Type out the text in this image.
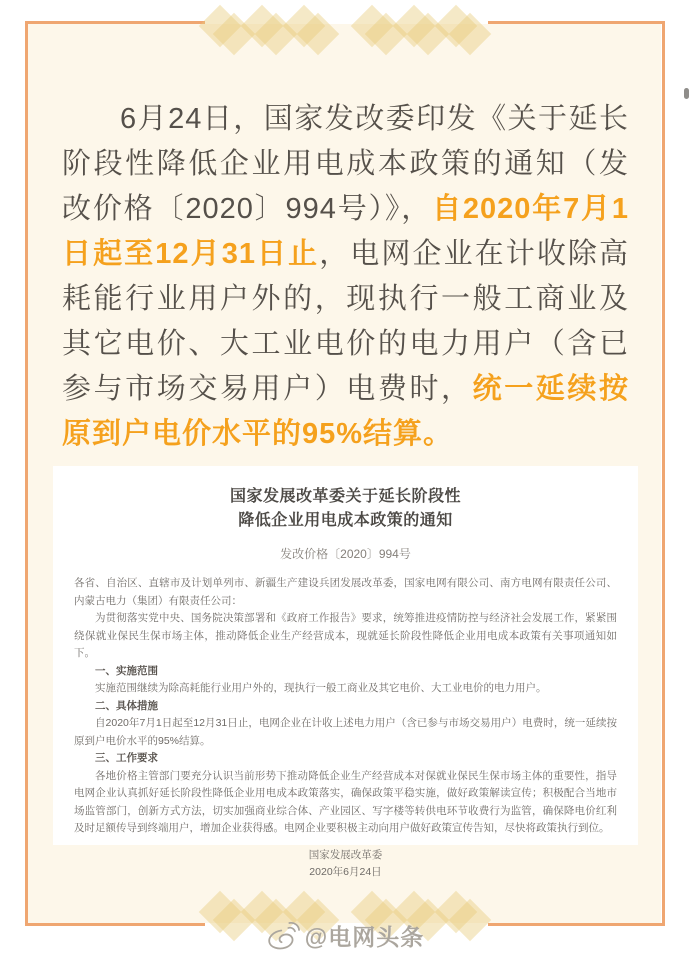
6月24日，国家发改委印发《关于延长阶段性降低企业用电成本政策的通知（发改价格〔2020〕994号）》，自2020年7月1日起至12月31日止，电网企业在计收除高耗能行业用户外的，现执行一般工商业及其它电价、大工业电价的电力用户（含已参与市场交易用户）电费时，统一延续按原到户电价水平的95%结算。

国家发展改革委关于延长阶段性
降低企业用电成本政策的通知
发改价格〔2020〕994号

各省、自治区、直辖市及计划单列市、新疆生产建设兵团发展改革委，国家电网有限公司、南方电网有限责任公司、内蒙古电力（集团）有限责任公司：

为贯彻落实党中央、国务院决策部署和《政府工作报告》要求，统筹推进疫情防控与经济社会发展工作，紧紧围绕保就业保民生保市场主体，推动降低企业生产经营成本，现就延长阶段性降低企业用电成本政策有关事项通知如下。

一、实施范围

实施范围继续为除高耗能行业用户外的，现执行一般工商业及其它电价、大工业电价的电力用户。

二、具体措施

自2020年7月1日起至12月31日止，电网企业在计收上述电力用户（含已参与市场交易用户）电费时，统一延续按原到户电价水平的95%结算。

三、工作要求

各地价格主管部门要充分认识当前形势下推动降低企业生产经营成本对保就业保民生保市场主体的重要性，指导电网企业认真抓好延长阶段性降低企业用电成本政策落实，确保政策平稳实施，做好政策解读宣传；积极配合当地市场监管部门，创新方式方法，切实加强商业综合体、产业园区、写字楼等转供电环节收费行为监管，确保降电价红利及时足额传导到终端用户，增加企业获得感。电网企业要积极主动向用户做好政策宣传告知，尽快将政策执行到位。

国家发展改革委
2020年6月24日
@电网头条
